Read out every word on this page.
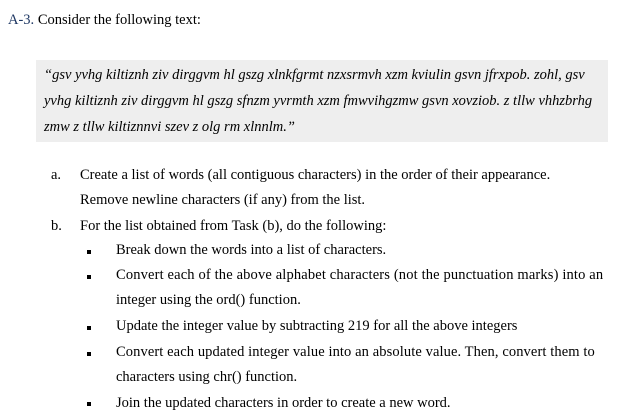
A-3. Consider the following text:
“gsv yvhg kiltiznh ziv dirggvm hl gszg xlnkfgrmt nzxsrmvh xzm kviulin gsvn jfrxpob. zohl, gsv
yvhg kiltiznh ziv dirggvm hl gszg sfnzm yvrmth xzm fmwvihgzmw gsvn xovziob. z tllw vhhzbrhg
zmw z tllw kiltiznnvi szev z olg rm xlnnlm.”
a. Create a list of words (all contiguous characters) in the order of their appearance.
Remove newline characters (if any) from the list.
b. For the list obtained from Task (b), do the following:
Break down the words into a list of characters.
Convert each of the above alphabet characters (not the punctuation marks) into an
integer using the ord() function.
Update the integer value by subtracting 219 for all the above integers
Convert each updated integer value into an absolute value. Then, convert them to
characters using chr() function.
Join the updated characters in order to create a new word.
